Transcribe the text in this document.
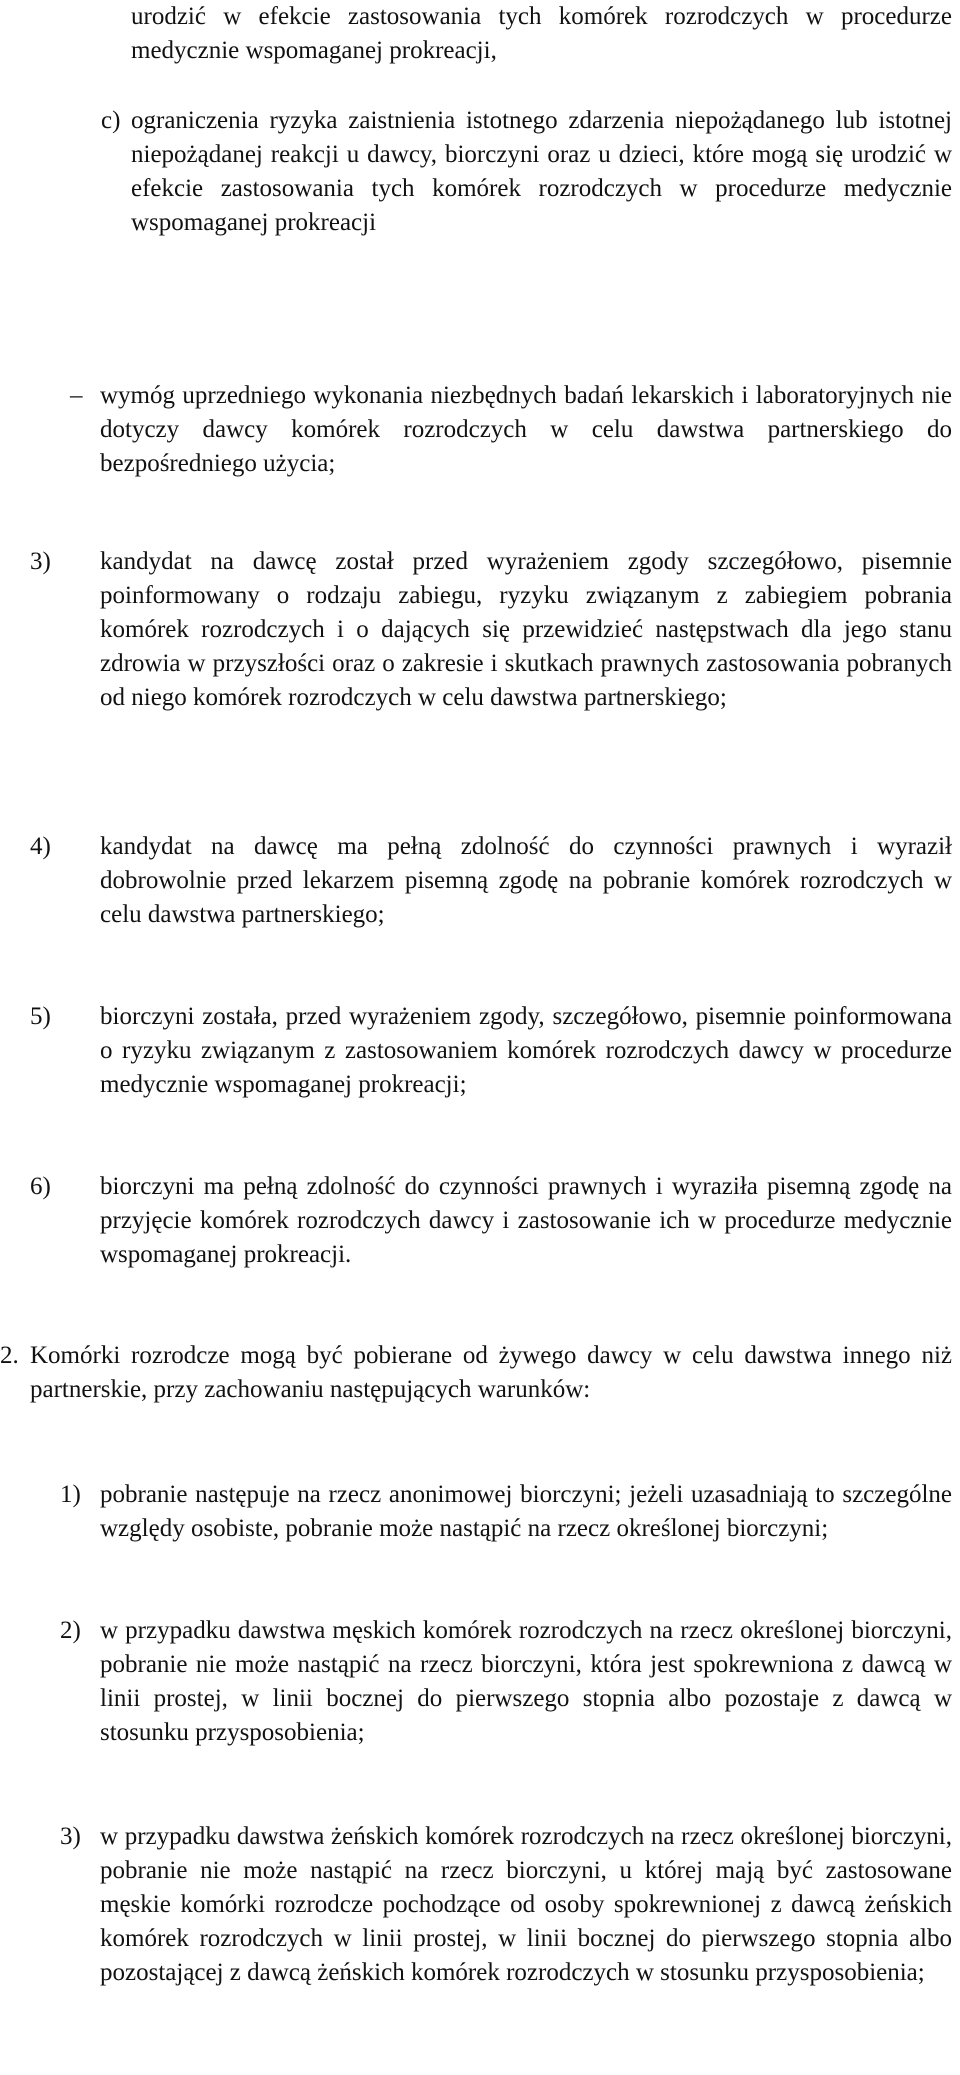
urodzić w efekcie zastosowania tych komórek rozrodczych w procedurze medycznie wspomaganej prokreacji,
c) ograniczenia ryzyka zaistnienia istotnego zdarzenia niepożądanego lub istotnej niepożądanej reakcji u dawcy, biorczyni oraz u dzieci, które mogą się urodzić w efekcie zastosowania tych komórek rozrodczych w procedurze medycznie wspomaganej prokreacji
– wymóg uprzedniego wykonania niezbędnych badań lekarskich i laboratoryjnych nie dotyczy dawcy komórek rozrodczych w celu dawstwa partnerskiego do bezpośredniego użycia;
3) kandydat na dawcę został przed wyrażeniem zgody szczegółowo, pisemnie poinformowany o rodzaju zabiegu, ryzyku związanym z zabiegiem pobrania komórek rozrodczych i o dających się przewidzieć następstwach dla jego stanu zdrowia w przyszłości oraz o zakresie i skutkach prawnych zastosowania pobranych od niego komórek rozrodczych w celu dawstwa partnerskiego;
4) kandydat na dawcę ma pełną zdolność do czynności prawnych i wyraził dobrowolnie przed lekarzem pisemną zgodę na pobranie komórek rozrodczych w celu dawstwa partnerskiego;
5) biorczyni została, przed wyrażeniem zgody, szczegółowo, pisemnie poinformowana o ryzyku związanym z zastosowaniem komórek rozrodczych dawcy w procedurze medycznie wspomaganej prokreacji;
6) biorczyni ma pełną zdolność do czynności prawnych i wyraziła pisemną zgodę na przyjęcie komórek rozrodczych dawcy i zastosowanie ich w procedurze medycznie wspomaganej prokreacji.
2. Komórki rozrodcze mogą być pobierane od żywego dawcy w celu dawstwa innego niż partnerskie, przy zachowaniu następujących warunków:
1) pobranie następuje na rzecz anonimowej biorczyni; jeżeli uzasadniają to szczególne względy osobiste, pobranie może nastąpić na rzecz określonej biorczyni;
2) w przypadku dawstwa męskich komórek rozrodczych na rzecz określonej biorczyni, pobranie nie może nastąpić na rzecz biorczyni, która jest spokrewniona z dawcą w linii prostej, w linii bocznej do pierwszego stopnia albo pozostaje z dawcą w stosunku przysposobienia;
3) w przypadku dawstwa żeńskich komórek rozrodczych na rzecz określonej biorczyni, pobranie nie może nastąpić na rzecz biorczyni, u której mają być zastosowane męskie komórki rozrodcze pochodzące od osoby spokrewnionej z dawcą żeńskich komórek rozrodczych w linii prostej, w linii bocznej do pierwszego stopnia albo pozostającej z dawcą żeńskich komórek rozrodczych w stosunku przysposobienia;
